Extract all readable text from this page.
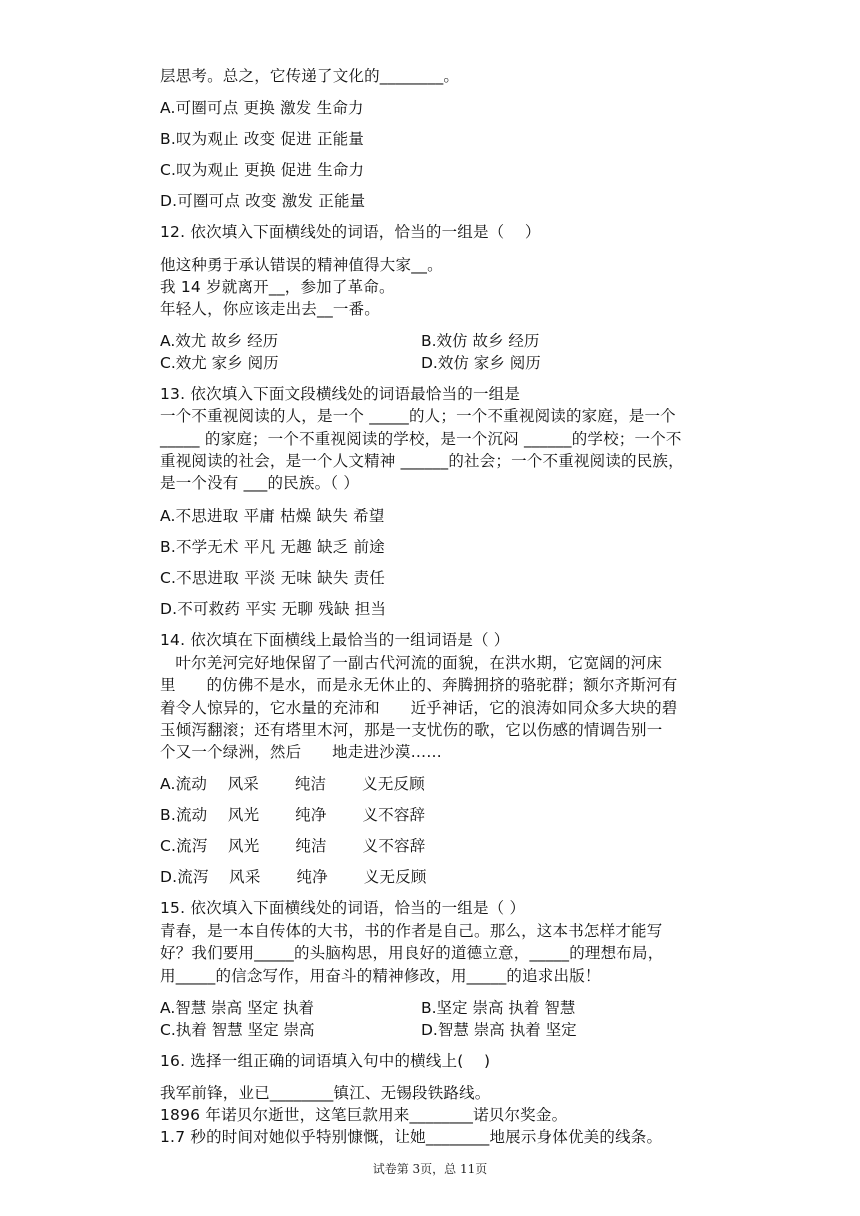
层思考。总之，它传递了文化的________。
A.可圈可点 更换 激发 生命力
B.叹为观止 改变 促进 正能量
C.叹为观止 更换 促进 生命力
D.可圈可点 改变 激发 正能量
12. 依次填入下面横线处的词语，恰当的一组是（    ）
他这种勇于承认错误的精神值得大家__。
我 14 岁就离开__，参加了革命。
年轻人，你应该走出去__一番。
A.效尤 故乡 经历	B.效仿 故乡 经历
C.效尤 家乡 阅历	D.效仿 家乡 阅历
13. 依次填入下面文段横线处的词语最恰当的一组是
一个不重视阅读的人，是一个 _____的人；一个不重视阅读的家庭，是一个
_____ 的家庭；一个不重视阅读的学校，是一个沉闷 ______的学校；一个不
重视阅读的社会，是一个人文精神 ______的社会；一个不重视阅读的民族，
是一个没有 ___的民族。（ ）
A.不思进取 平庸 枯燥 缺失 希望
B.不学无术 平凡 无趣 缺乏 前途
C.不思进取 平淡 无味 缺失 责任
D.不可救药 平实 无聊 残缺 担当
14. 依次填在下面横线上最恰当的一组词语是（ ）
叶尔羌河完好地保留了一副古代河流的面貌，在洪水期，它宽阔的河床
里      的仿佛不是水，而是永无休止的、奔腾拥挤的骆驼群；额尔齐斯河有
着令人惊异的，它水量的充沛和      近乎神话，它的浪涛如同众多大块的碧
玉倾泻翻滚；还有塔里木河，那是一支忧伤的歌，它以伤感的情调告别一
个又一个绿洲，然后      地走进沙漠……
A.流动    风采       纯洁       义无反顾
B.流动    风光       纯净       义不容辞
C.流泻    风光       纯洁       义不容辞
D.流泻    风采       纯净       义无反顾
15. 依次填入下面横线处的词语，恰当的一组是（ ）
青春，是一本自传体的大书，书的作者是自己。那么，这本书怎样才能写
好？我们要用_____的头脑构思，用良好的道德立意，_____的理想布局，
用_____的信念写作，用奋斗的精神修改，用_____的追求出版！
A.智慧 崇高 坚定 执着	B.坚定 崇高 执着 智慧
C.执着 智慧 坚定 崇高	D.智慧 崇高 执着 坚定
16. 选择一组正确的词语填入句中的横线上(    )
我军前锋，业已________镇江、无锡段铁路线。
1896 年诺贝尔逝世，这笔巨款用来________诺贝尔奖金。
1.7 秒的时间对她似乎特别慷慨，让她________地展示身体优美的线条。
试卷第 3页，总 11页
